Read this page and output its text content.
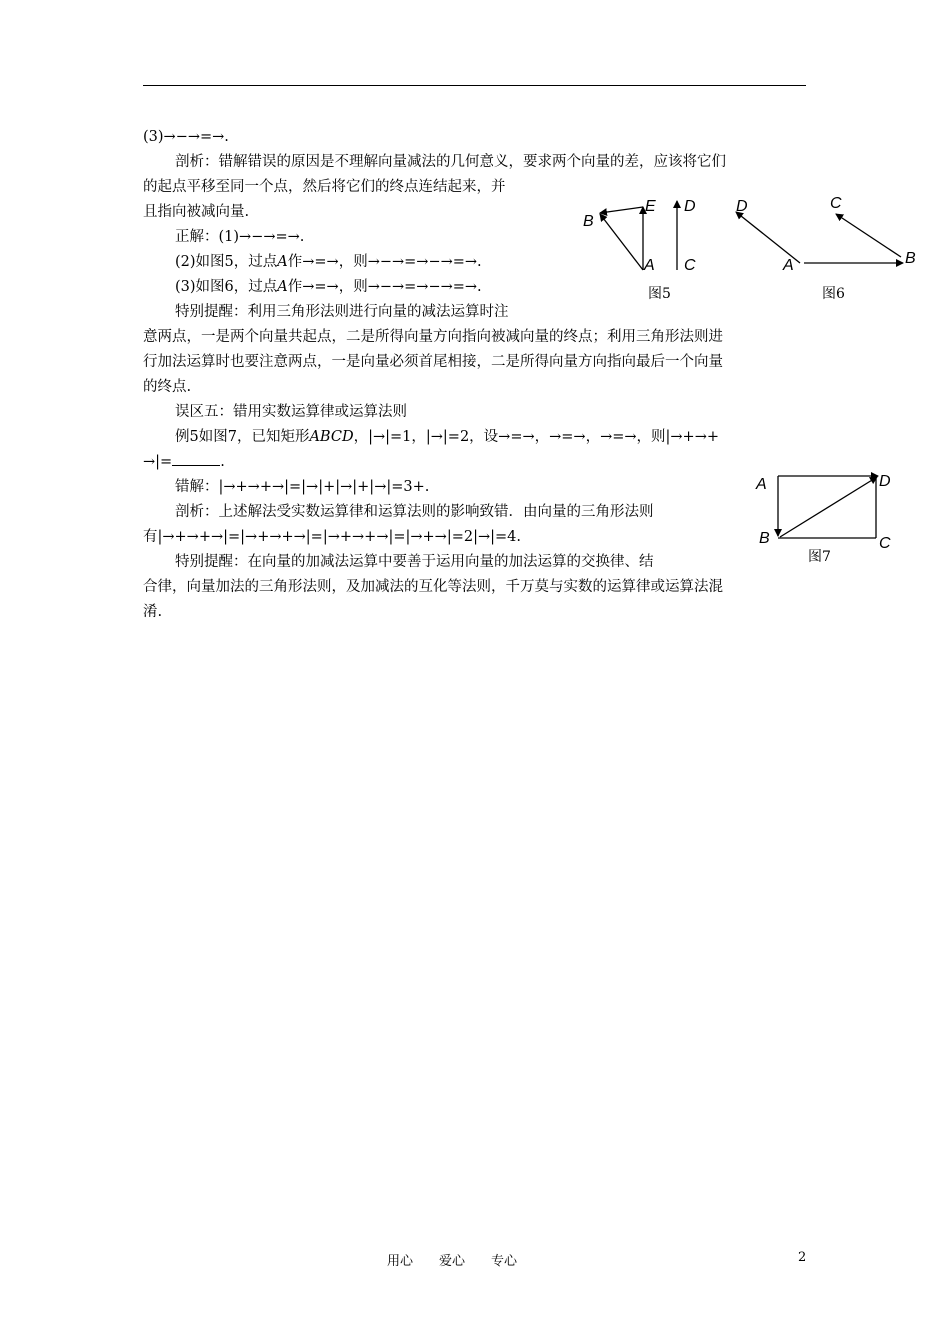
(3)→−→=→.
剖析：错解错误的原因是不理解向量减法的几何意义，要求两个向量的差，应该将它们
的起点平移至同一个点，然后将它们的终点连结起来，并
且指向被减向量.
正解：(1)→−→=→.
(2)如图5，过点A作→=→，则→−→=→−→=→.
(3)如图6，过点A作→=→，则→−→=→−→=→.
特别提醒：利用三角形法则进行向量的减法运算时注
意两点，一是两个向量共起点，二是所得向量方向指向被减向量的终点；利用三角形法则进
行加法运算时也要注意两点，一是向量必须首尾相接，二是所得向量方向指向最后一个向量
的终点.
误区五：错用实数运算律或运算法则
例5如图7，已知矩形ABCD，|→|=1，|→|=2，设→=→，→=→，→=→，则|→+→+
→|=	.
错解：|→+→+→|=|→|+|→|+|→|=3+.
剖析：上述解法受实数运算律和运算法则的影响致错．由向量的三角形法则
有|→+→+→|=|→+→+→|=|→+→+→|=|→+→|=2|→|=4.
特别提醒：在向量的加减法运算中要善于运用向量的加法运算的交换律、结
合律，向量加法的三角形法则，及加减法的互化等法则，千万莫与实数的运算律或运算法混
淆.
B
E
A
D
C
图5
D	C
A	B
图6
A	D
B	C
图7
用心　　爱心　　专心	2
